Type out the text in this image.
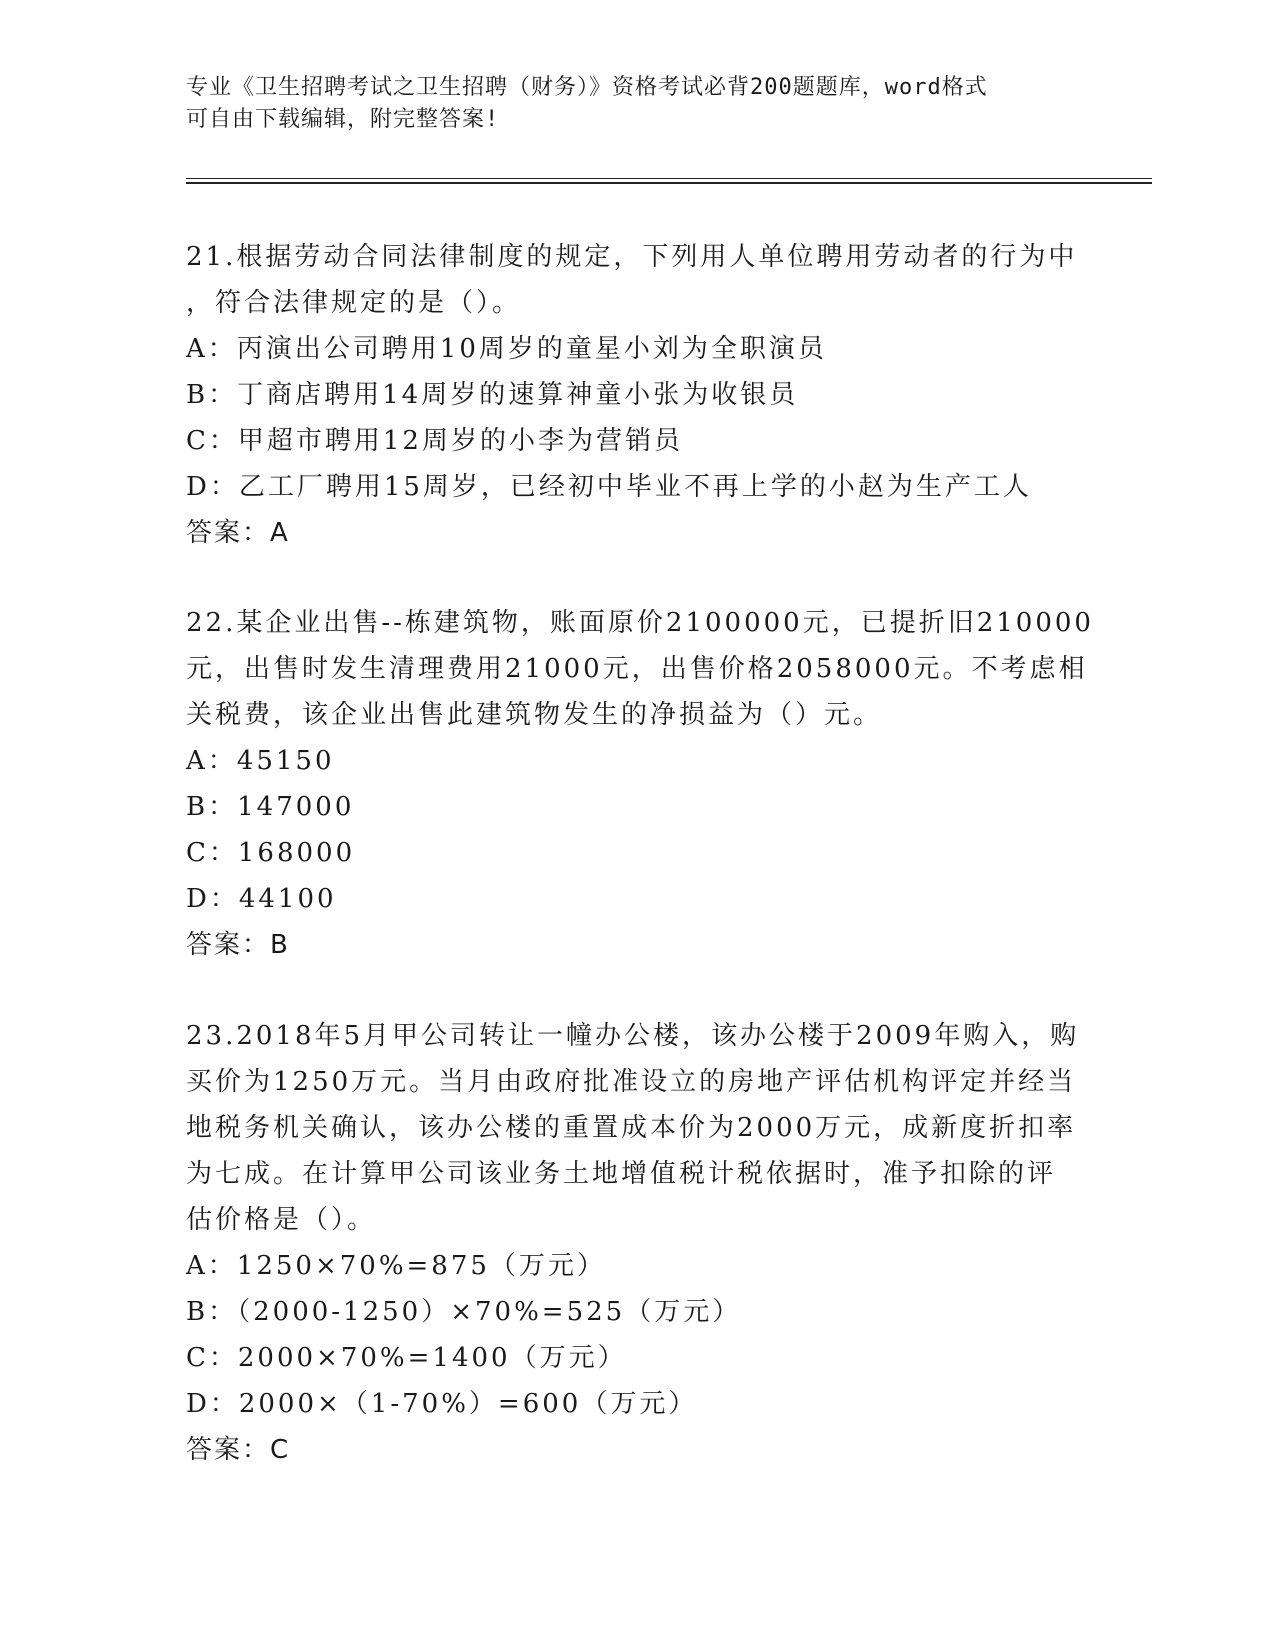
专业《卫生招聘考试之卫生招聘（财务）》资格考试必背200题题库，word格式
可自由下载编辑，附完整答案!
21.根据劳动合同法律制度的规定，下列用人单位聘用劳动者的行为中
，符合法律规定的是（）。
A：丙演出公司聘用10周岁的童星小刘为全职演员
B：丁商店聘用14周岁的速算神童小张为收银员
C：甲超市聘用12周岁的小李为营销员
D：乙工厂聘用15周岁，已经初中毕业不再上学的小赵为生产工人
答案：A
22.某企业出售--栋建筑物，账面原价2100000元，已提折旧210000
元，出售时发生清理费用21000元，出售价格2058000元。不考虑相
关税费，该企业出售此建筑物发生的净损益为（）元。
A：45150
B：147000
C：168000
D：44100
答案：B
23.2018年5月甲公司转让一幢办公楼，该办公楼于2009年购入，购
买价为1250万元。当月由政府批准设立的房地产评估机构评定并经当
地税务机关确认，该办公楼的重置成本价为2000万元，成新度折扣率
为七成。在计算甲公司该业务土地增值税计税依据时，准予扣除的评
估价格是（）。
A：1250×70%=875（万元）
B：（2000-1250）×70%=525（万元）
C：2000×70%=1400（万元）
D：2000×（1-70%）=600（万元）
答案：C
